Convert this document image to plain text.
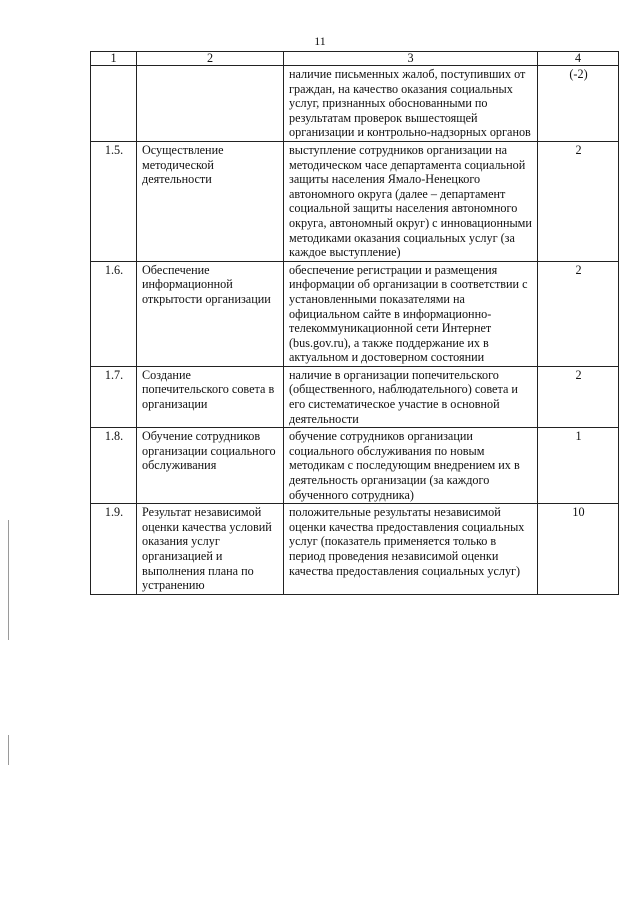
11
1	2	3	4
		наличие письменных жалоб, поступивших от граждан, на качество оказания социальных услуг, признанных обоснованными по результатам проверок вышестоящей организации и контрольно-надзорных органов	(-2)
1.5.	Осуществление методической деятельности	выступление сотрудников организации на методическом часе департамента социальной защиты населения Ямало-Ненецкого автономного округа (далее – департамент социальной защиты населения автономного округа, автономный округ) с инновационными методиками оказания социальных услуг (за каждое выступление)	2
1.6.	Обеспечение информационной открытости организации	обеспечение регистрации и размещения информации об организации в соответствии с установленными показателями на официальном сайте в информационно-телекоммуникационной сети Интернет (bus.gov.ru), а также поддержание их в актуальном и достоверном состоянии	2
1.7.	Создание попечительского совета в организации	наличие в организации попечительского (общественного, наблюдательного) совета и его систематическое участие в основной деятельности	2
1.8.	Обучение сотрудников организации социального обслуживания	обучение сотрудников организации социального обслуживания по новым методикам с последующим внедрением их в деятельность организации (за каждого обученного сотрудника)	1
1.9.	Результат независимой оценки качества условий оказания услуг организацией и выполнения плана по устранению	положительные результаты независимой оценки качества предоставления социальных услуг (показатель применяется только в период проведения независимой оценки качества предоставления социальных услуг)	10
